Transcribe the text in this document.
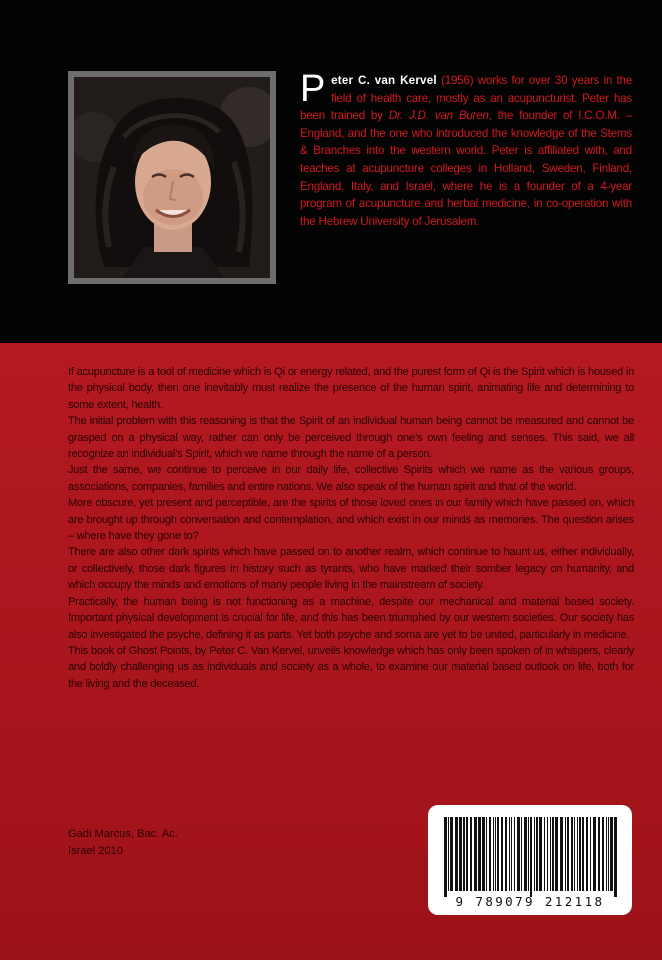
Peter C. van Kervel (1956) works for over 30 years in the field of health care, mostly as an acupuncturist. Peter has been trained by Dr. J.D. van Buren, the founder of I.C.O.M. – England, and the one who introduced the knowledge of the Stems & Branches into the western world. Peter is affiliated with, and teaches at acupuncture colleges in Holland, Sweden, Finland, England, Italy, and Israel, where he is a founder of a 4-year program of acupuncture and herbal medicine, in co-operation with the Hebrew University of Jerusalem.

If acupuncture is a tool of medicine which is Qi or energy related, and the purest form of Qi is the Spirit which is housed in the physical body, then one inevitably must realize the presence of the human spirit, animating life and determining to some extent, health.

The initial problem with this reasoning is that the Spirit of an individual human being cannot be measured and cannot be grasped on a physical way, rather can only be perceived through one’s own feeling and senses. This said, we all recognize an individual’s Spirit, which we name through the name of a person.

Just the same, we continue to perceive in our daily life, collective Spirits which we name as the various groups, associations, companies, families and entire nations. We also speak of the human spirit and that of the world.

More obscure, yet present and perceptible, are the spirits of those loved ones in our family which have passed on, which are brought up through conversation and contemplation, and which exist in our minds as memories. The question arises – where have they gone to?

There are also other dark spirits which have passed on to another realm, which continue to haunt us, either individually, or collectively, those dark figures in history such as tyrants, who have marked their somber legacy on humanity, and which occupy the minds and emotions of many people living in the mainstream of society.

Practically, the human being is not functioning as a machine, despite our mechanical and material based society. Important physical development is crucial for life, and this has been triumphed by our western societies. Our society has also investigated the psyche, defining it as parts. Yet both psyche and soma are yet to be united, particularly in medicine.

This book of Ghost Points, by Peter C. Van Kervel, unveils knowledge which has only been spoken of in whispers, clearly and boldly challenging us as individuals and society as a whole, to examine our material based outlook on life, both for the living and the deceased.

Gadi Marcus, Bac. Ac.
Israel 2010
9 789079 212118
